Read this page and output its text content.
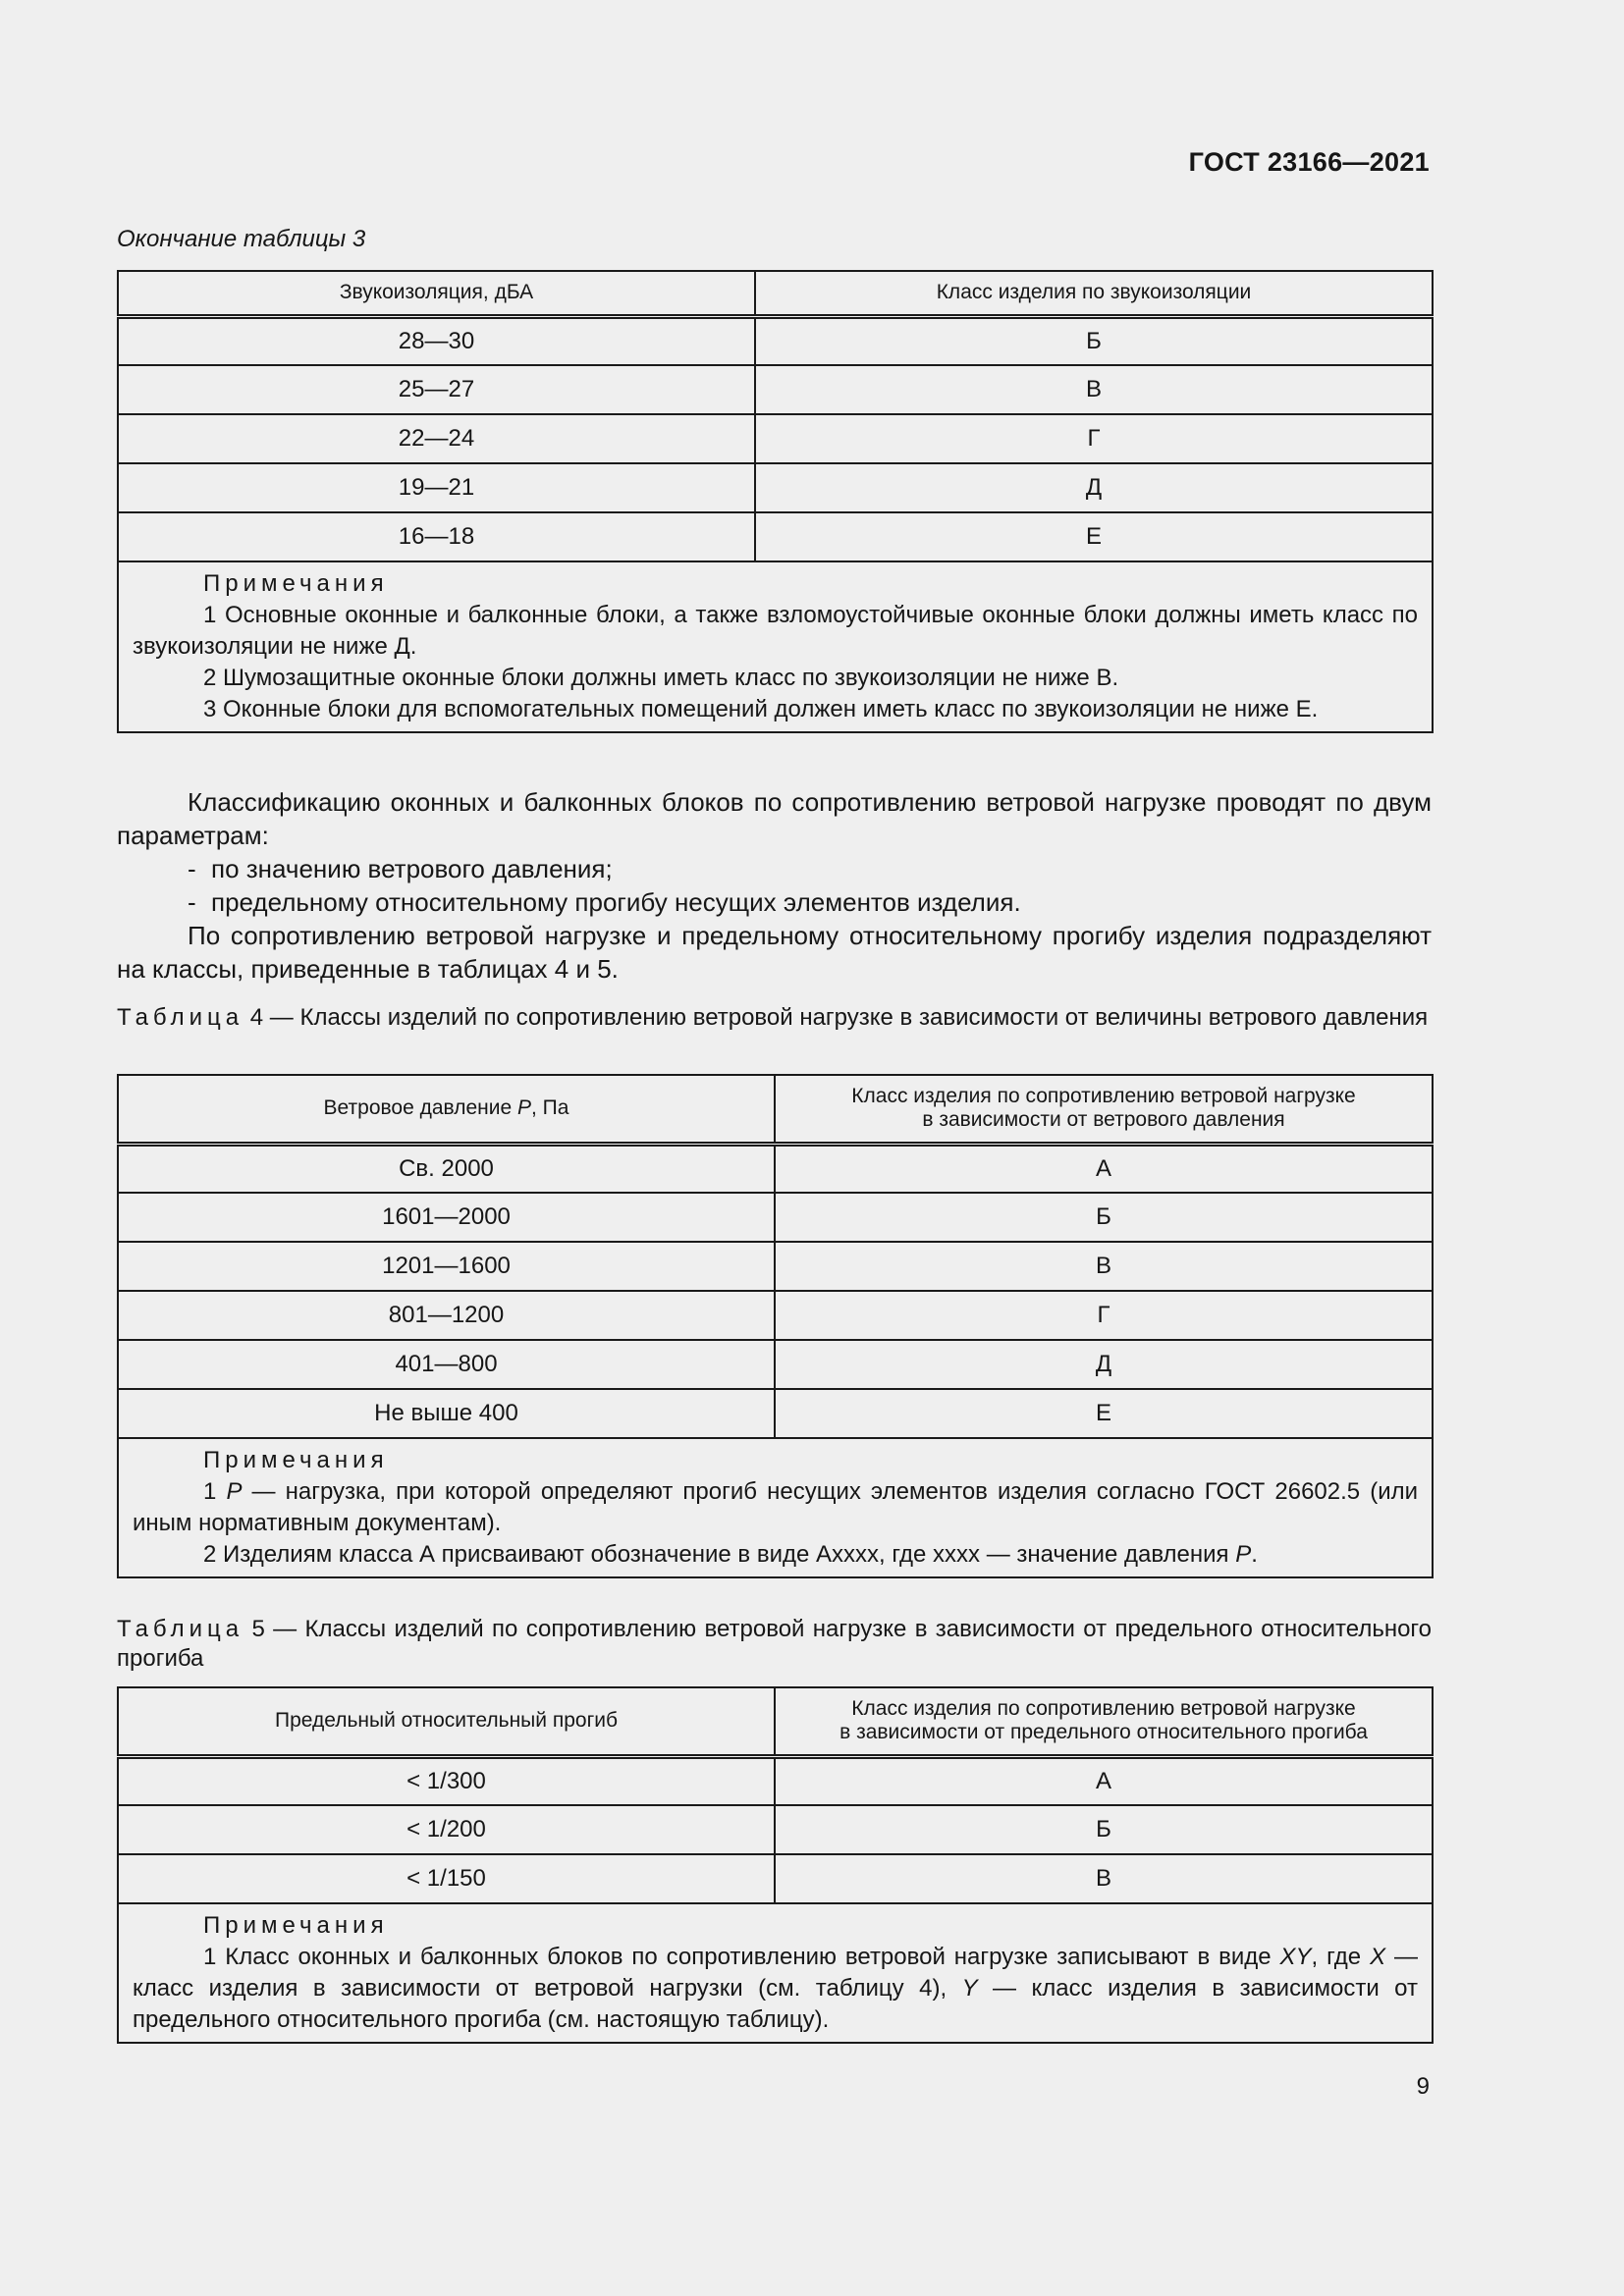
ГОСТ 23166—2021
Окончание таблицы 3
Звукоизоляция, дБА	Класс изделия по звукоизоляции
28—30	Б
25—27	В
22—24	Г
19—21	Д
16—18	Е

Примечания
1 Основные оконные и балконные блоки, а также взломоустойчивые оконные блоки должны иметь класс по звукоизоляции не ниже Д.
2 Шумозащитные оконные блоки должны иметь класс по звукоизоляции не ниже В.
3 Оконные блоки для вспомогательных помещений должен иметь класс по звукоизоляции не ниже Е.	

Классификацию оконных и балконных блоков по сопротивлению ветровой нагрузке проводят по двум параметрам:

- по значению ветрового давления;

- предельному относительному прогибу несущих элементов изделия.

По сопротивлению ветровой нагрузке и предельному относительному прогибу изделия подразделяют на классы, приведенные в таблицах 4 и 5.

Таблица 4 — Классы изделий по сопротивлению ветровой нагрузке в зависимости от величины ветрового давления
Ветровое давление P, Па	Класс изделия по сопротивлению ветровой нагрузке
в зависимости от ветрового давления

Св. 2000	А
1601—2000	Б
1201—1600	В
801—1200	Г
401—800	Д
Не выше 400	Е

Примечания
1 P — нагрузка, при которой определяют прогиб несущих элементов изделия согласно ГОСТ 26602.5 (или иным нормативным документам).
2 Изделиям класса А присваивают обозначение в виде Аxxxx, где xxxx — значение давления P.	
Таблица 5 — Классы изделий по сопротивлению ветровой нагрузке в зависимости от предельного относительного прогиба
Предельный относительный прогиб	Класс изделия по сопротивлению ветровой нагрузке
в зависимости от предельного относительного прогиба

< 1/300	А
< 1/200	Б
< 1/150	В

Примечания
1 Класс оконных и балконных блоков по сопротивлению ветровой нагрузке записывают в виде XY, где X — класс изделия в зависимости от ветровой нагрузки (см. таблицу 4), Y — класс изделия в зависимости от предельного относительного прогиба (см. настоящую таблицу).	
9
